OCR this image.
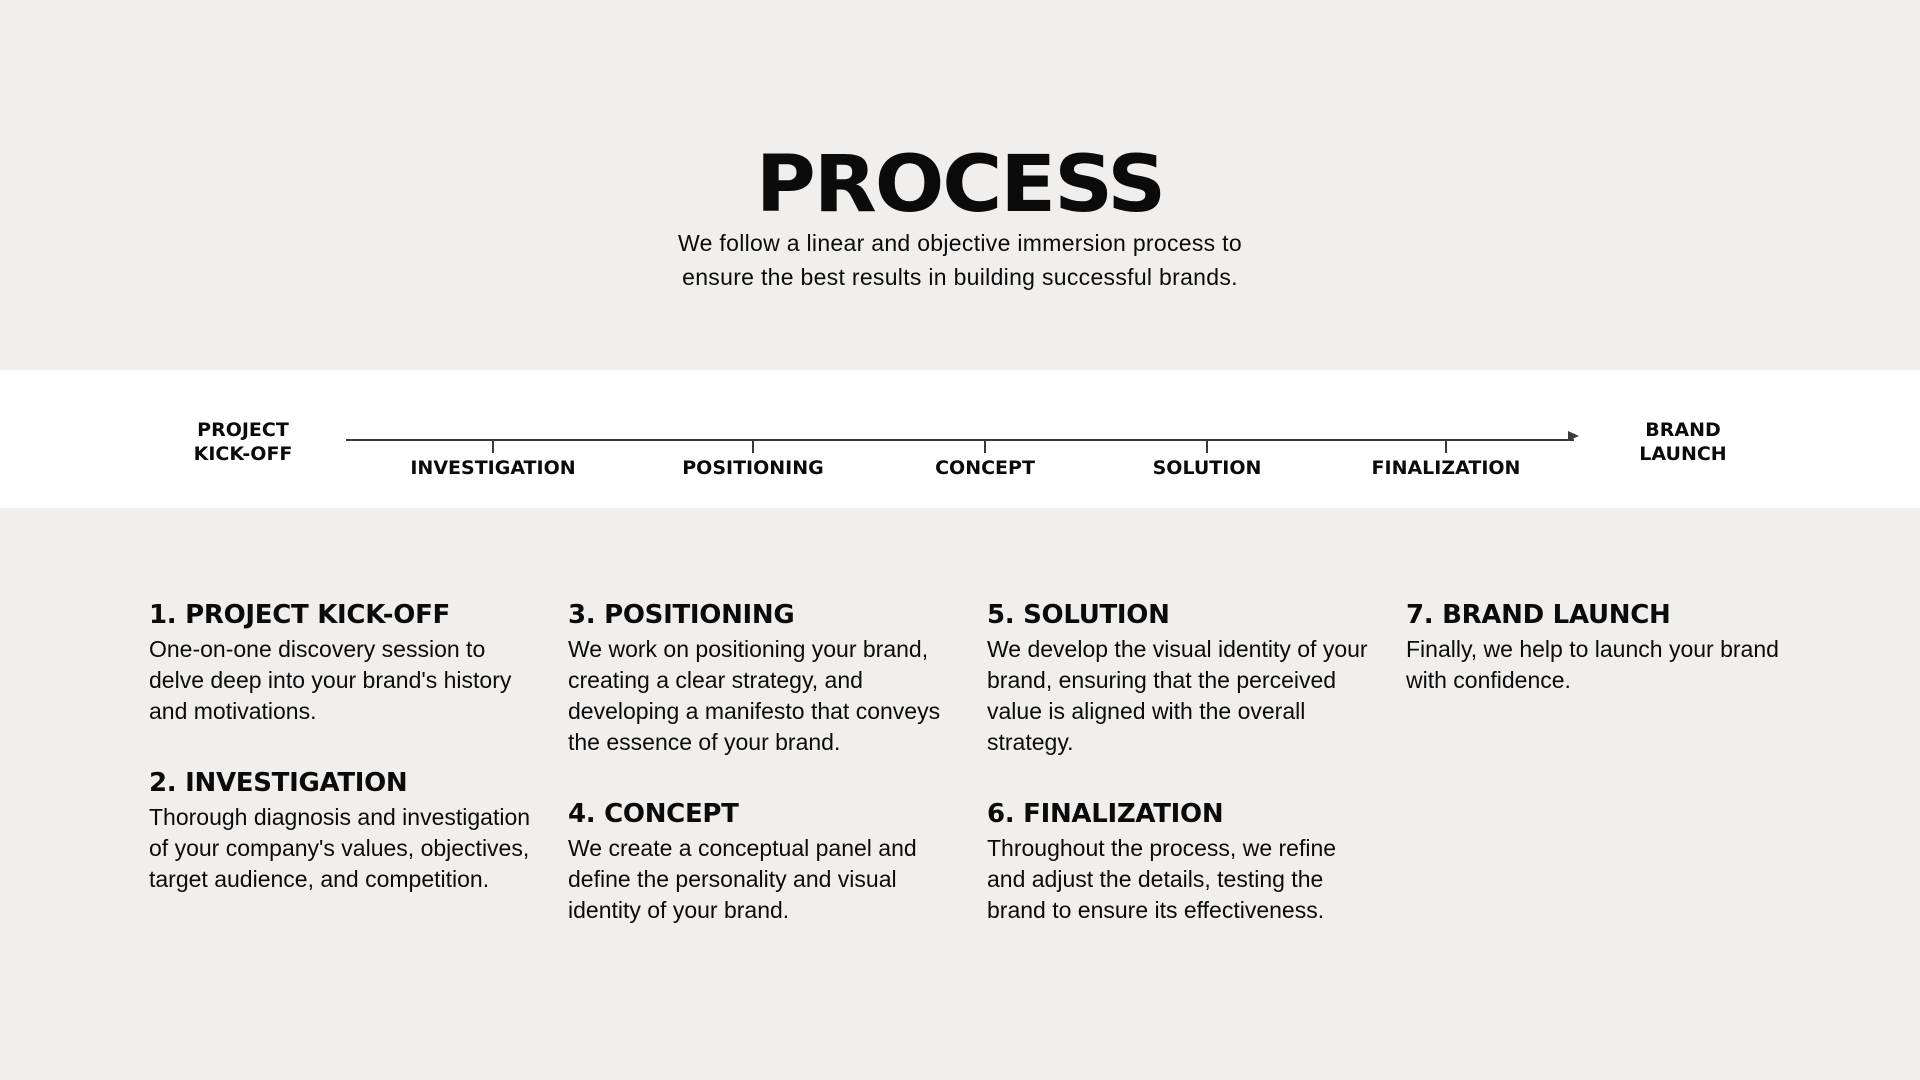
PROCESS

We follow a linear and objective immersion process to
ensure the best results in building successful brands.

PROJECT
KICK-OFF
INVESTIGATION	POSITIONING	CONCEPT	SOLUTION	FINALIZATION
BRAND
LAUNCH
1. PROJECT KICK-OFF

One-on-one discovery session to delve deep into your brand's history and motivations.

2. INVESTIGATION

Thorough diagnosis and investigation of your company's values, objectives, target audience, and competition.

3. POSITIONING

We work on positioning your brand, creating a clear strategy, and developing a manifesto that conveys the essence of your brand.

4. CONCEPT

We create a conceptual panel and define the personality and visual identity of your brand.

5. SOLUTION

We develop the visual identity of your brand, ensuring that the perceived value is aligned with the overall strategy.

6. FINALIZATION

Throughout the process, we refine and adjust the details, testing the brand to ensure its effectiveness.

7. BRAND LAUNCH

Finally, we help to launch your brand with confidence.
